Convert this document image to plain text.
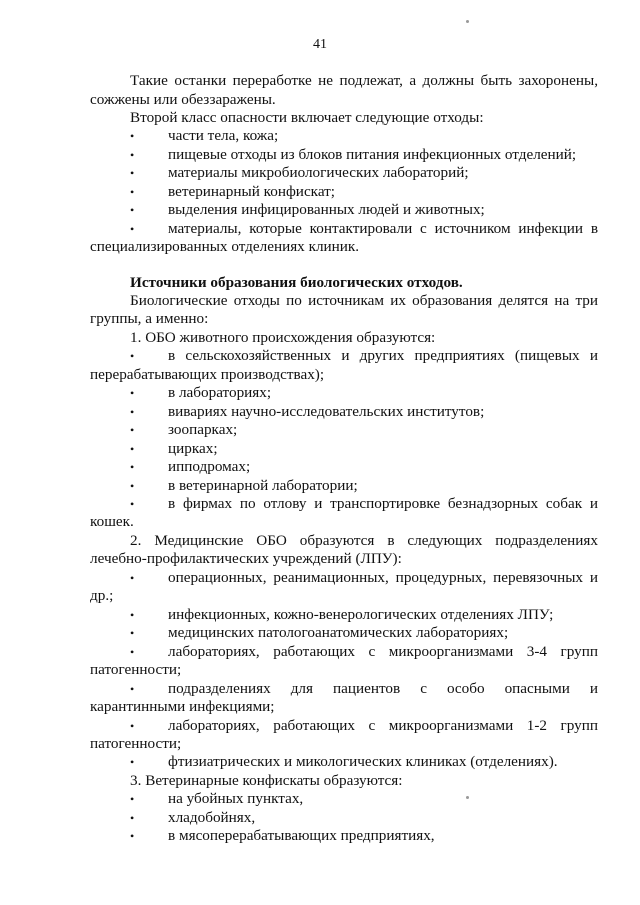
41
Такие останки переработке не подлежат, а должны быть захоронены,
сожжены или обеззаражены.
Второй класс опасности включает следующие отходы:
• части тела, кожа;
• пищевые отходы из блоков питания инфекционных отделений;
• материалы микробиологических лабораторий;
• ветеринарный конфискат;
• выделения инфицированных людей и животных;
• материалы, которые контактировали с источником инфекции в
специализированных отделениях клиник.
Источники образования биологических отходов.
Биологические отходы по источникам их образования делятся на три
группы, а именно:
1. ОБО животного происхождения образуются:
• в сельскохозяйственных и других предприятиях (пищевых и
перерабатывающих производствах);
• в лабораториях;
• вивариях научно-исследовательских институтов;
• зоопарках;
• цирках;
• ипподромах;
• в ветеринарной лаборатории;
• в фирмах по отлову и транспортировке безнадзорных собак и
кошек.
2. Медицинские ОБО образуются в следующих подразделениях
лечебно-профилактических учреждений (ЛПУ):
• операционных, реанимационных, процедурных, перевязочных и
др.;
• инфекционных, кожно-венерологических отделениях ЛПУ;
• медицинских патологоанатомических лабораториях;
• лабораториях, работающих с микроорганизмами 3-4 групп
патогенности;
• подразделениях для пациентов с особо опасными и
карантинными инфекциями;
• лабораториях, работающих с микроорганизмами 1-2 групп
патогенности;
• фтизиатрических и микологических клиниках (отделениях).
3. Ветеринарные конфискаты образуются:
• на убойных пунктах,
• хладобойнях,
• в мясоперерабатывающих предприятиях,
